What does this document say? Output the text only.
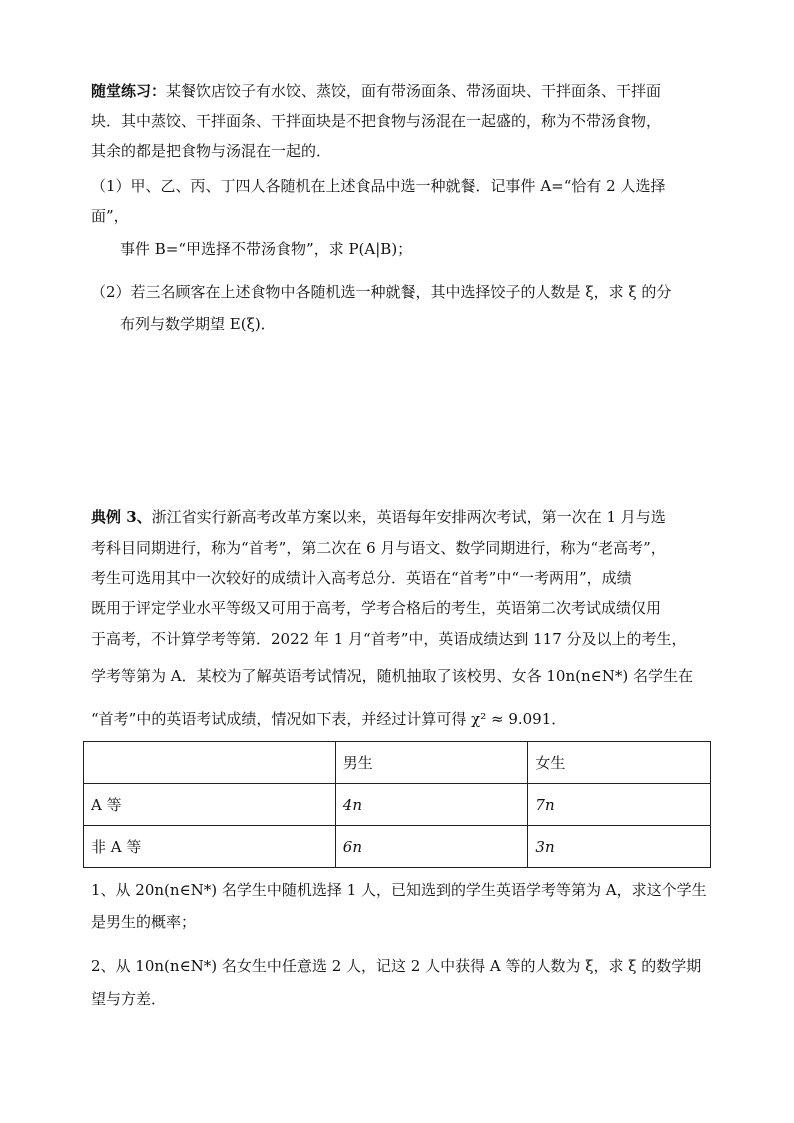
随堂练习：某餐饮店饺子有水饺、蒸饺，面有带汤面条、带汤面块、干拌面条、干拌面
块．其中蒸饺、干拌面条、干拌面块是不把食物与汤混在一起盛的，称为不带汤食物，
其余的都是把食物与汤混在一起的．
（1）甲、乙、丙、丁四人各随机在上述食品中选一种就餐．记事件 A=“恰有 2 人选择
面”，
事件 B=“甲选择不带汤食物”，求 P(A|B)；
（2）若三名顾客在上述食物中各随机选一种就餐，其中选择饺子的人数是 ξ，求 ξ 的分
布列与数学期望 E(ξ)．
典例 3、浙江省实行新高考改革方案以来，英语每年安排两次考试，第一次在 1 月与选
考科目同期进行，称为“首考”，第二次在 6 月与语文、数学同期进行，称为“老高考”，
考生可选用其中一次较好的成绩计入高考总分．英语在“首考”中“一考两用”，成绩
既用于评定学业水平等级又可用于高考，学考合格后的考生，英语第二次考试成绩仅用
于高考，不计算学考等第．2022 年 1 月“首考”中，英语成绩达到 117 分及以上的考生，
学考等第为 A．某校为了解英语考试情况，随机抽取了该校男、女各 10n(n∈N*) 名学生在
“首考”中的英语考试成绩，情况如下表，并经过计算可得 χ² ≈ 9.091．
	男生	女生
A 等	4n	7n
非 A 等	6n	3n
1、从 20n(n∈N*) 名学生中随机选择 1 人，已知选到的学生英语学考等第为 A，求这个学生
是男生的概率；
2、从 10n(n∈N*) 名女生中任意选 2 人，记这 2 人中获得 A 等的人数为 ξ，求 ξ 的数学期
望与方差．
